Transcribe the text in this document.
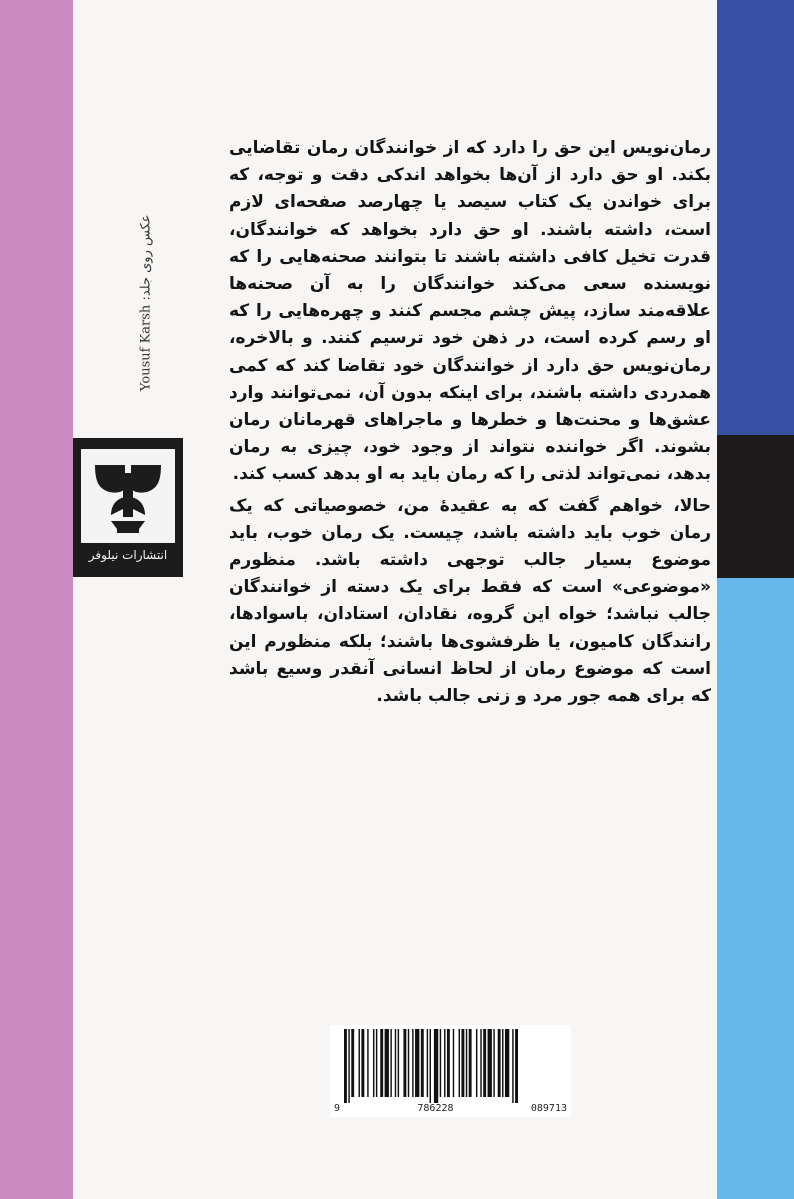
عکس روی جلد: Yousuf Karsh
انتشارات نیلوفر

رمان‌نویس این حق را دارد که از خوانندگان رمان تقاضایی بکند. او حق دارد از آن‌ها بخواهد اندکی دقت و توجه، که برای خواندن یک کتاب سیصد یا چهارصد صفحه‌ای لازم است، داشته باشند. او حق دارد بخواهد که خوانندگان، قدرت تخیل کافی داشته باشند تا بتوانند صحنه‌هایی را که نویسنده سعی می‌کند خوانندگان را به آن صحنه‌ها علاقه‌مند سازد، پیش چشم مجسم کنند و چهره‌هایی را که او رسم کرده است، در ذهن خود ترسیم کنند. و بالاخره، رمان‌نویس حق دارد از خوانندگان خود تقاضا کند که کمی همدردی داشته باشند، برای اینکه بدون آن، نمی‌توانند وارد عشق‌ها و محنت‌ها و خطرها و ماجراهای قهرمانان رمان بشوند. اگر خواننده نتواند از وجود خود، چیزی به رمان بدهد، نمی‌تواند لذتی را که رمان باید به او بدهد کسب کند.

حالا، خواهم گفت که به عقیدهٔ من، خصوصیاتی که یک رمان خوب باید داشته باشد، چیست. یک رمان خوب، باید موضوع بسیار جالب توجهی داشته باشد. منظورم «موضوعی» است که فقط برای یک دسته از خوانندگان جالب نباشد؛ خواه این گروه، نقادان، استادان، باسوادها، رانندگان کامیون، یا ظرفشوی‌ها باشند؛ بلکه منظورم این است که موضوع رمان از لحاظ انسانی آنقدر وسیع باشد که برای همه جور مرد و زنی جالب باشد.

9	786228	089713
